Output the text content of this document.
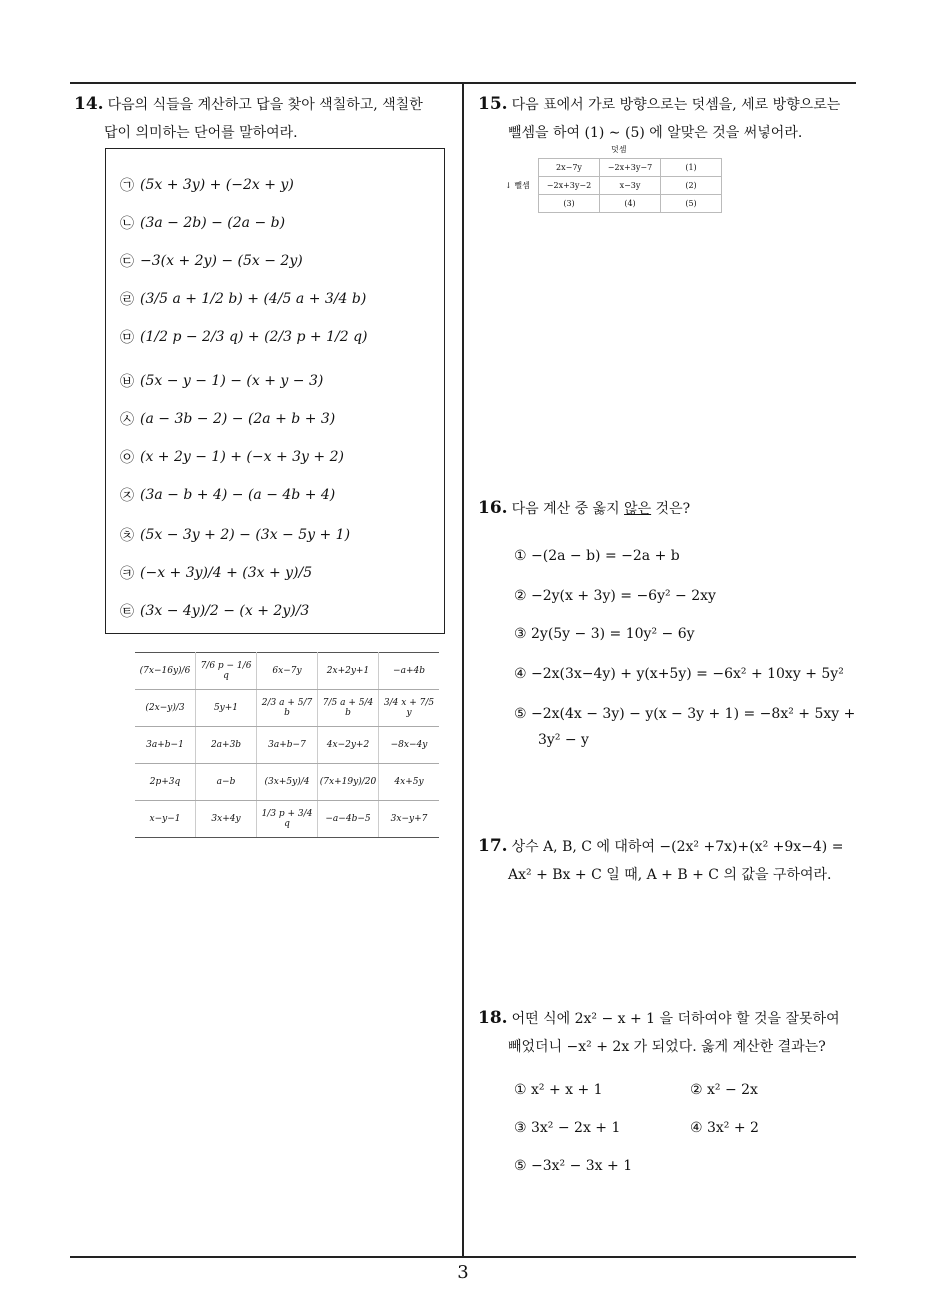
14. 다음의 식들을 계산하고 답을 찾아 색칠하고, 색칠한
답이 의미하는 단어를 말하여라.
㉠ (5x + 3y) + (−2x + y)
㉡ (3a − 2b) − (2a − b)
㉢ −3(x + 2y) − (5x − 2y)
㉣ (3/5 a + 1/2 b) + (4/5 a + 3/4 b)
㉤ (1/2 p − 2/3 q) + (2/3 p + 1/2 q)
㉥ (5x − y − 1) − (x + y − 3)
㉦ (a − 3b − 2) − (2a + b + 3)
㉧ (x + 2y − 1) + (−x + 3y + 2)
㉨ (3a − b + 4) − (a − 4b + 4)
㉩ (5x − 3y + 2) − (3x − 5y + 1)
㉪ (−x + 3y)/4 + (3x + y)/5
㉫ (3x − 4y)/2 − (x + 2y)/3
(7x−16y)/6	7/6 p − 1/6 q	6x−7y	2x+2y+1	−a+4b
(2x−y)/3	5y+1	2/3 a + 5/7 b	7/5 a + 5/4 b	3/4 x + 7/5 y
3a+b−1	2a+3b	3a+b−7	4x−2y+2	−8x−4y
2p+3q	a−b	(3x+5y)/4	(7x+19y)/20	4x+5y
x−y−1	3x+4y	1/3 p + 3/4 q	−a−4b−5	3x−y+7
15. 다음 표에서 가로 방향으로는 덧셈을, 세로 방향으로는
뺄셈을 하여 (1) ∼ (5) 에 알맞은 것을 써넣어라.
덧셈
↓ 뺄셈
2x−7y	−2x+3y−7	(1)
−2x+3y−2	x−3y	(2)
(3)	(4)	(5)
16. 다음 계산 중 옳지 않은 것은?
① −(2a − b) = −2a + b
② −2y(x + 3y) = −6y² − 2xy
③ 2y(5y − 3) = 10y² − 6y
④ −2x(3x−4y) + y(x+5y) = −6x² + 10xy + 5y²
⑤ −2x(4x − 3y) − y(x − 3y + 1) = −8x² + 5xy +
3y² − y
17. 상수 A, B, C 에 대하여 −(2x² +7x)+(x² +9x−4) =
Ax² + Bx + C 일 때, A + B + C 의 값을 구하여라.
18. 어떤 식에 2x² − x + 1 을 더하여야 할 것을 잘못하여
빼었더니 −x² + 2x 가 되었다. 옳게 계산한 결과는?
① x² + x + 1	② x² − 2x
③ 3x² − 2x + 1	④ 3x² + 2
⑤ −3x² − 3x + 1
3
